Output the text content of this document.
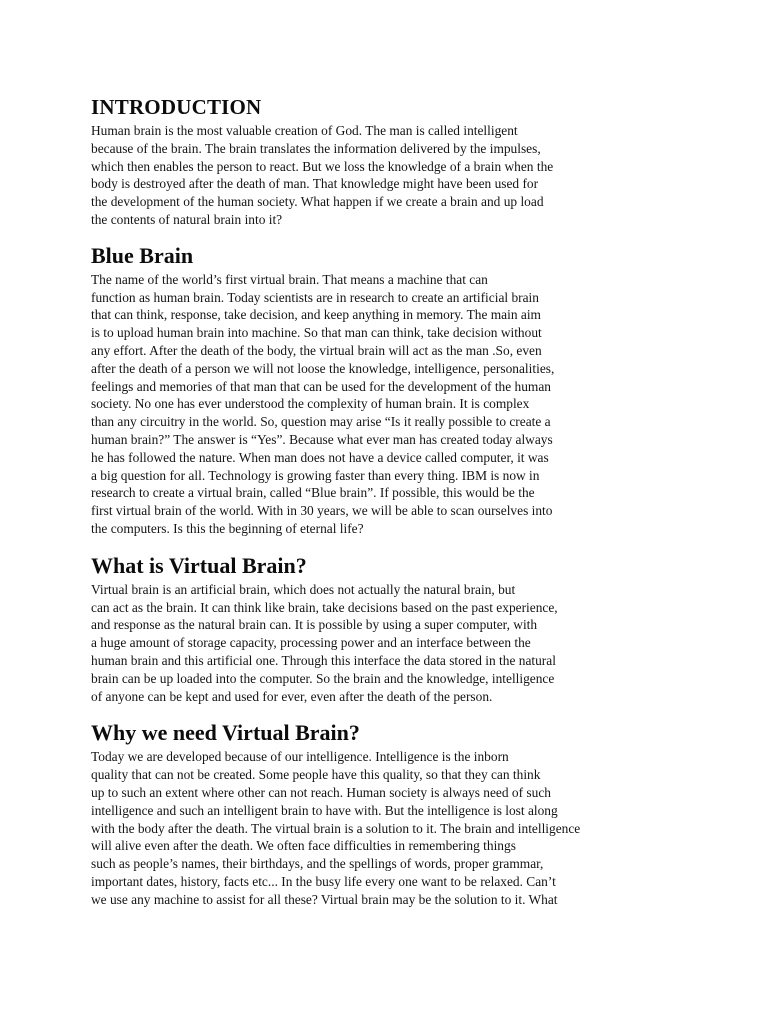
INTRODUCTION
Human brain is the most valuable creation of God. The man is called intelligent
because of the brain. The brain translates the information delivered by the impulses,
which then enables the person to react. But we loss the knowledge of a brain when the
body is destroyed after the death of man. That knowledge might have been used for
the development of the human society. What happen if we create a brain and up load
the contents of natural brain into it?
Blue Brain
The name of the world’s first virtual brain. That means a machine that can
function as human brain. Today scientists are in research to create an artificial brain
that can think, response, take decision, and keep anything in memory. The main aim
is to upload human brain into machine. So that man can think, take decision without
any effort. After the death of the body, the virtual brain will act as the man .So, even
after the death of a person we will not loose the knowledge, intelligence, personalities,
feelings and memories of that man that can be used for the development of the human
society. No one has ever understood the complexity of human brain. It is complex
than any circuitry in the world. So, question may arise “Is it really possible to create a
human brain?” The answer is “Yes”. Because what ever man has created today always
he has followed the nature. When man does not have a device called computer, it was
a big question for all. Technology is growing faster than every thing. IBM is now in
research to create a virtual brain, called “Blue brain”. If possible, this would be the
first virtual brain of the world. With in 30 years, we will be able to scan ourselves into
the computers. Is this the beginning of eternal life?
What is Virtual Brain?
Virtual brain is an artificial brain, which does not actually the natural brain, but
can act as the brain. It can think like brain, take decisions based on the past experience,
and response as the natural brain can. It is possible by using a super computer, with
a huge amount of storage capacity, processing power and an interface between the
human brain and this artificial one. Through this interface the data stored in the natural
brain can be up loaded into the computer. So the brain and the knowledge, intelligence
of anyone can be kept and used for ever, even after the death of the person.
Why we need Virtual Brain?
Today we are developed because of our intelligence. Intelligence is the inborn
quality that can not be created. Some people have this quality, so that they can think
up to such an extent where other can not reach. Human society is always need of such
intelligence and such an intelligent brain to have with. But the intelligence is lost along
with the body after the death. The virtual brain is a solution to it. The brain and intelligence
will alive even after the death. We often face difficulties in remembering things
such as people’s names, their birthdays, and the spellings of words, proper grammar,
important dates, history, facts etc... In the busy life every one want to be relaxed. Can’t
we use any machine to assist for all these? Virtual brain may be the solution to it. What
